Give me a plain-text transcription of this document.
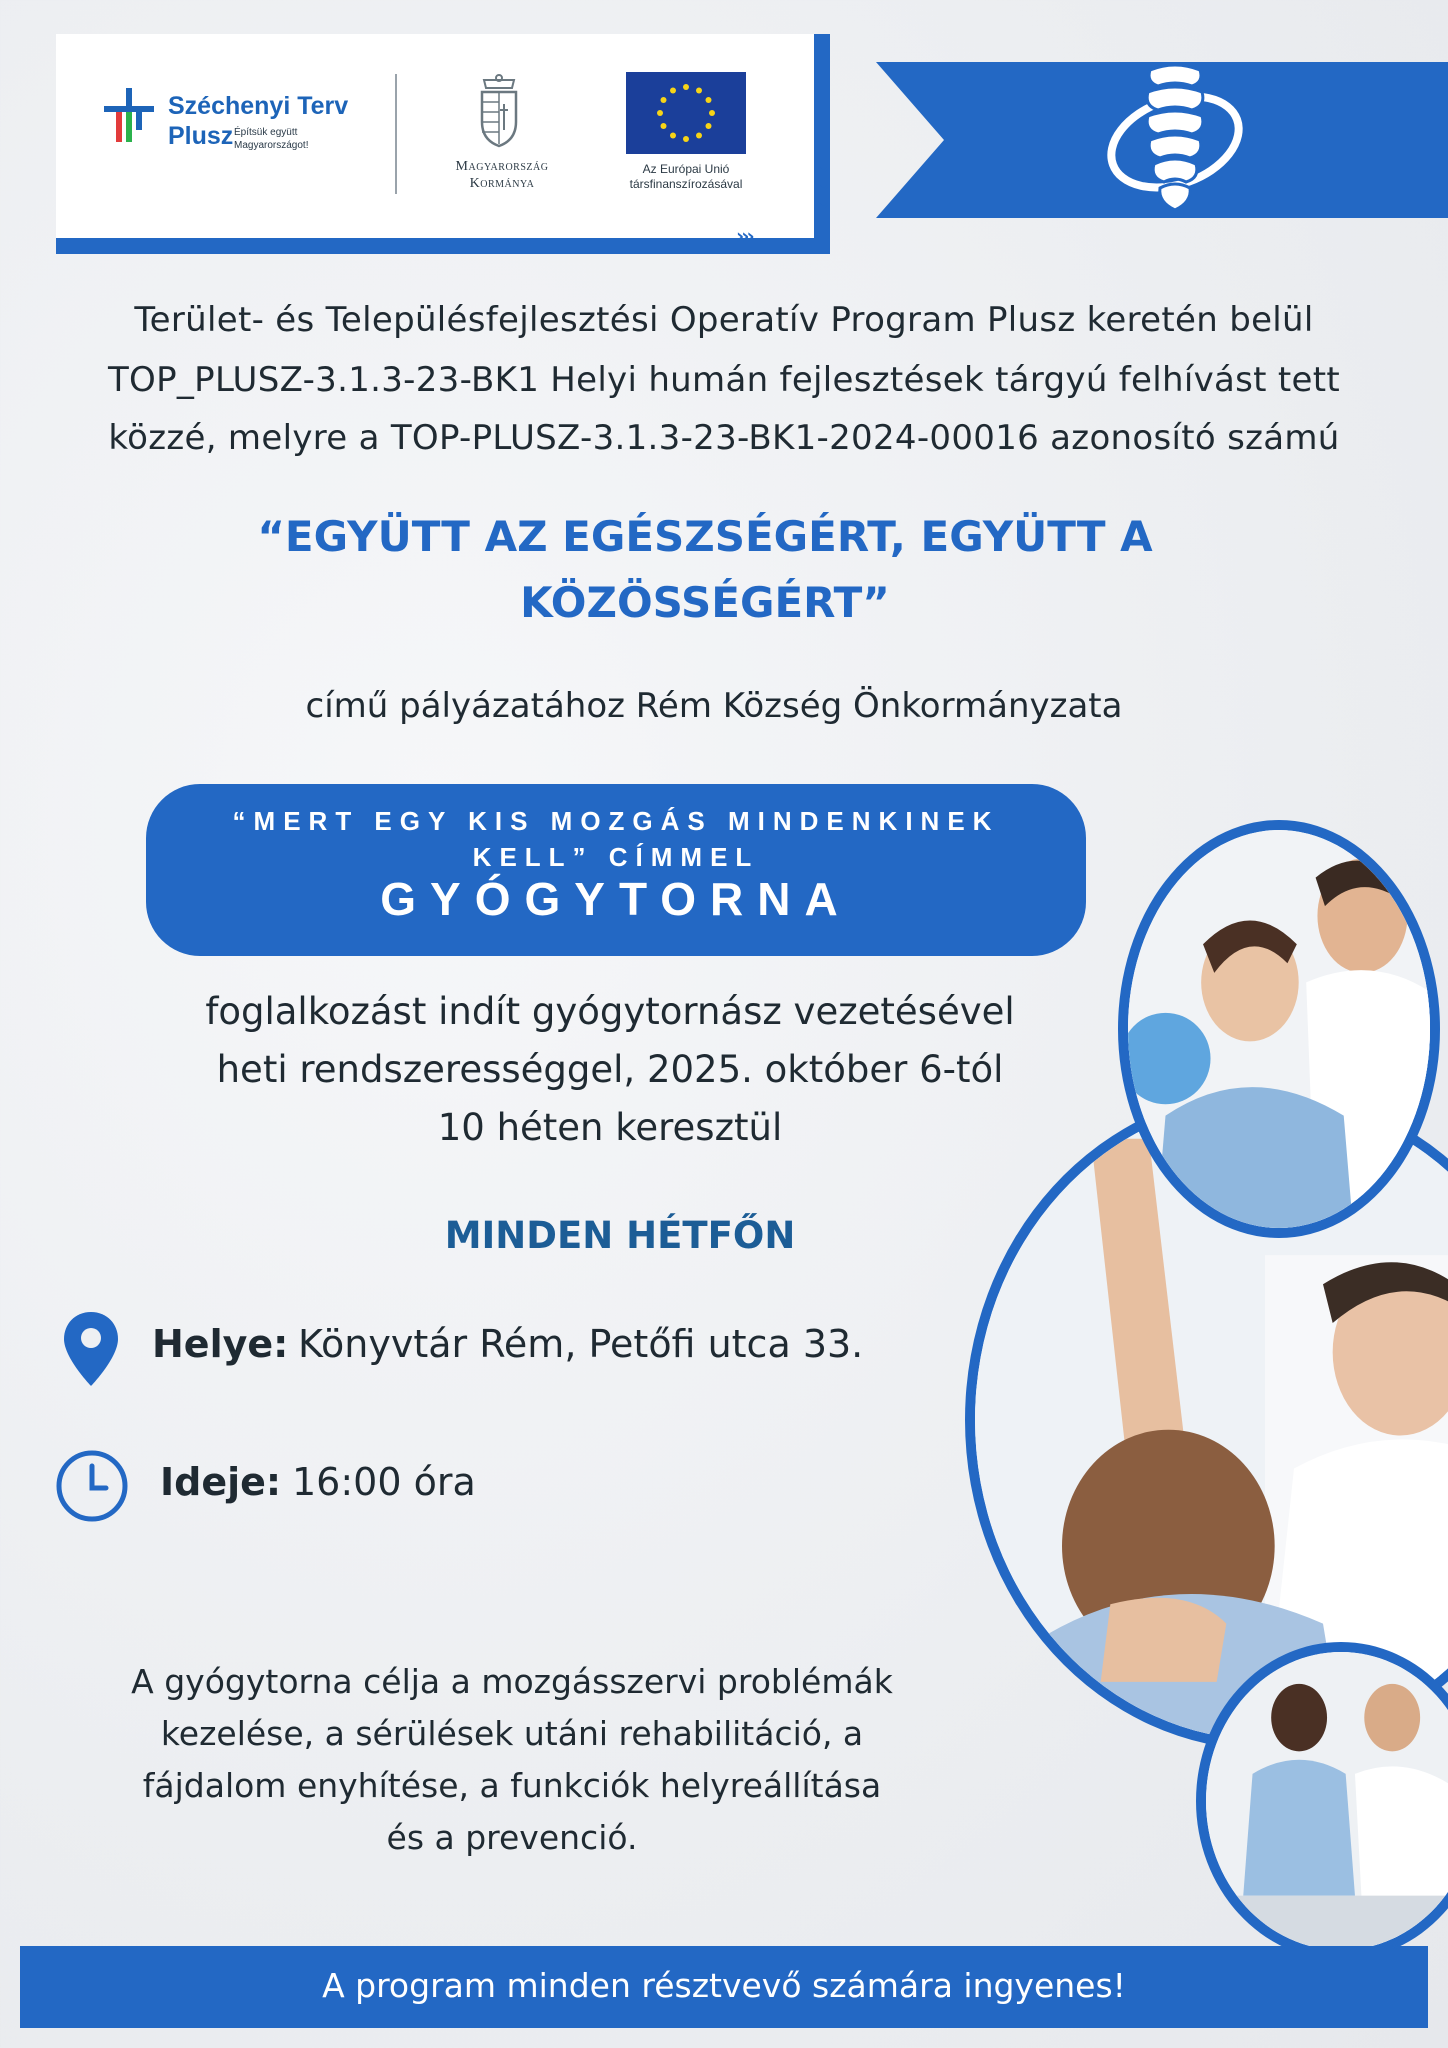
Széchenyi Terv
Plusz Építsük együtt Magyarországot!
Magyarország
Kormánya
Az Európai Unió
társfinanszírozásával
⌄
⌄
⌄
›››
Terület- és Településfejlesztési Operatív Program Plusz keretén belül
TOP_PLUSZ-3.1.3-23-BK1 Helyi humán fejlesztések tárgyú felhívást tett
közzé, melyre a TOP-PLUSZ-3.1.3-23-BK1-2024-00016 azonosító számú
“EGYÜTT AZ EGÉSZSÉGÉRT, EGYÜTT A
KÖZÖSSÉGÉRT”
című pályázatához Rém Község Önkormányzata
“MERT EGY KIS MOZGÁS MINDENKINEK
KELL” CÍMMEL
GYÓGYTORNA
foglalkozást indít gyógytornász vezetésével
heti rendszerességgel, 2025. október 6-tól
10 héten keresztül
MINDEN HÉTFŐN
Helye: Könyvtár Rém, Petőfi utca 33.
Ideje: 16:00 óra
A gyógytorna célja a mozgásszervi problémák
kezelése, a sérülések utáni rehabilitáció, a
fájdalom enyhítése, a funkciók helyreállítása
és a prevenció.
A program minden résztvevő számára ingyenes!
